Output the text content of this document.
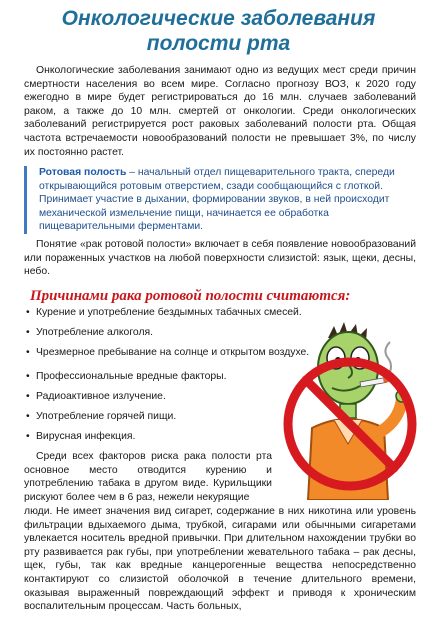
Онкологические заболевания
полости рта

Онкологические заболевания занимают одно из ведущих мест среди причин смертности населения во всем мире. Согласно прогнозу ВОЗ, к 2020 году ежегодно в мире будет регистрироваться до 16 млн. случаев заболеваний раком, а также до 10 млн. смертей от онкологии. Среди онкологических заболеваний регистрируется рост раковых заболеваний полости рта. Общая частота встречаемости новообразований полости не превышает 3%, по числу их постоянно растет.

Ротовая полость – начальный отдел пищеварительного тракта, спереди открывающийся ротовым отверстием, сзади сообщающийся с глоткой. Принимает участие в дыхании, формировании звуков, в ней происходит механической измельчение пищи, начинается ее обработка пищеварительными ферментами.

Понятие «рак ротовой полости» включает в себя появление новообразований или пораженных участков на любой поверхности слизистой: язык, щеки, десны, небо.

Причинами рака ротовой полости считаются:
• Курение и употребление бездымных табачных смесей.
• Употребление алкоголя.
• Чрезмерное пребывание на солнце и открытом воздухе.
• Профессиональные вредные факторы.
• Радиоактивное излучение.
• Употребление горячей пищи.
• Вирусная инфекция.

Среди всех факторов риска рака полости рта основное место отводится курению и употреблению табака в другом виде. Курильщики рискуют более чем в 6 раз, нежели некурящие

люди. Не имеет значения вид сигарет, содержание в них никотина или уровень фильтрации вдыхаемого дыма, трубкой, сигарами или обычными сигаретами увлекается носитель вредной привычки. При длительном нахождении трубки во рту развивается рак губы, при употреблении жевательного табака – рак десны, щек, губы, так как вредные канцерогенные вещества непосредственно контактируют со слизистой оболочкой в течение длительного времени, оказывая выраженный повреждающий эффект и приводя к хроническим воспалительным процессам. Часть больных,
